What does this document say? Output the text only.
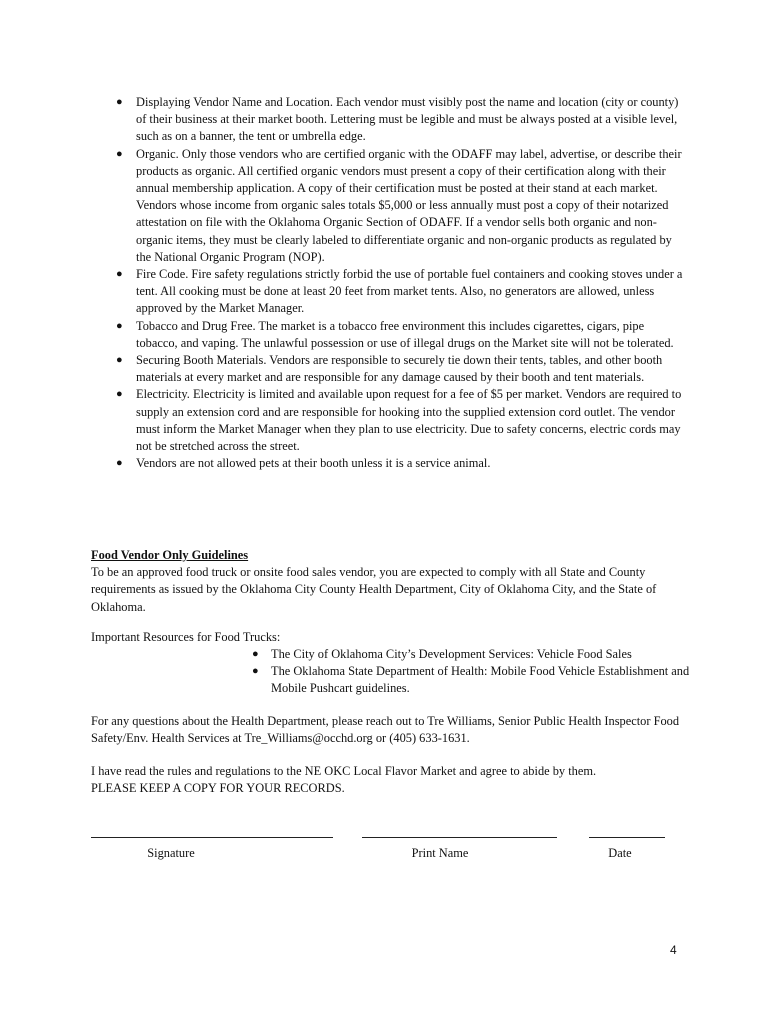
● Displaying Vendor Name and Location. Each vendor must visibly post the name and location (city or county) of their business at their market booth. Lettering must be legible and must be always posted at a visible level, such as on a banner, the tent or umbrella edge.
● Organic. Only those vendors who are certified organic with the ODAFF may label, advertise, or describe their products as organic. All certified organic vendors must present a copy of their certification along with their annual membership application. A copy of their certification must be posted at their stand at each market. Vendors whose income from organic sales totals $5,000 or less annually must post a copy of their notarized attestation on file with the Oklahoma Organic Section of ODAFF. If a vendor sells both organic and non-organic items, they must be clearly labeled to differentiate organic and non-organic products as regulated by the National Organic Program (NOP).
● Fire Code. Fire safety regulations strictly forbid the use of portable fuel containers and cooking stoves under a tent. All cooking must be done at least 20 feet from market tents. Also, no generators are allowed, unless approved by the Market Manager.
● Tobacco and Drug Free. The market is a tobacco free environment this includes cigarettes, cigars, pipe tobacco, and vaping. The unlawful possession or use of illegal drugs on the Market site will not be tolerated.
● Securing Booth Materials. Vendors are responsible to securely tie down their tents, tables, and other booth materials at every market and are responsible for any damage caused by their booth and tent materials.
● Electricity. Electricity is limited and available upon request for a fee of $5 per market. Vendors are required to supply an extension cord and are responsible for hooking into the supplied extension cord outlet. The vendor must inform the Market Manager when they plan to use electricity. Due to safety concerns, electric cords may not be stretched across the street.
● Vendors are not allowed pets at their booth unless it is a service animal.
Food Vendor Only Guidelines
To be an approved food truck or onsite food sales vendor, you are expected to comply with all State and County requirements as issued by the Oklahoma City County Health Department, City of Oklahoma City, and the State of Oklahoma.
Important Resources for Food Trucks:
● The City of Oklahoma City’s Development Services: Vehicle Food Sales
● The Oklahoma State Department of Health: Mobile Food Vehicle Establishment and Mobile Pushcart guidelines.
For any questions about the Health Department, please reach out to Tre Williams, Senior Public Health Inspector Food Safety/Env. Health Services at Tre_Williams@occhd.org or (405) 633-1631.
I have read the rules and regulations to the NE OKC Local Flavor Market and agree to abide by them.
PLEASE KEEP A COPY FOR YOUR RECORDS.
Signature	Print Name	Date
4
